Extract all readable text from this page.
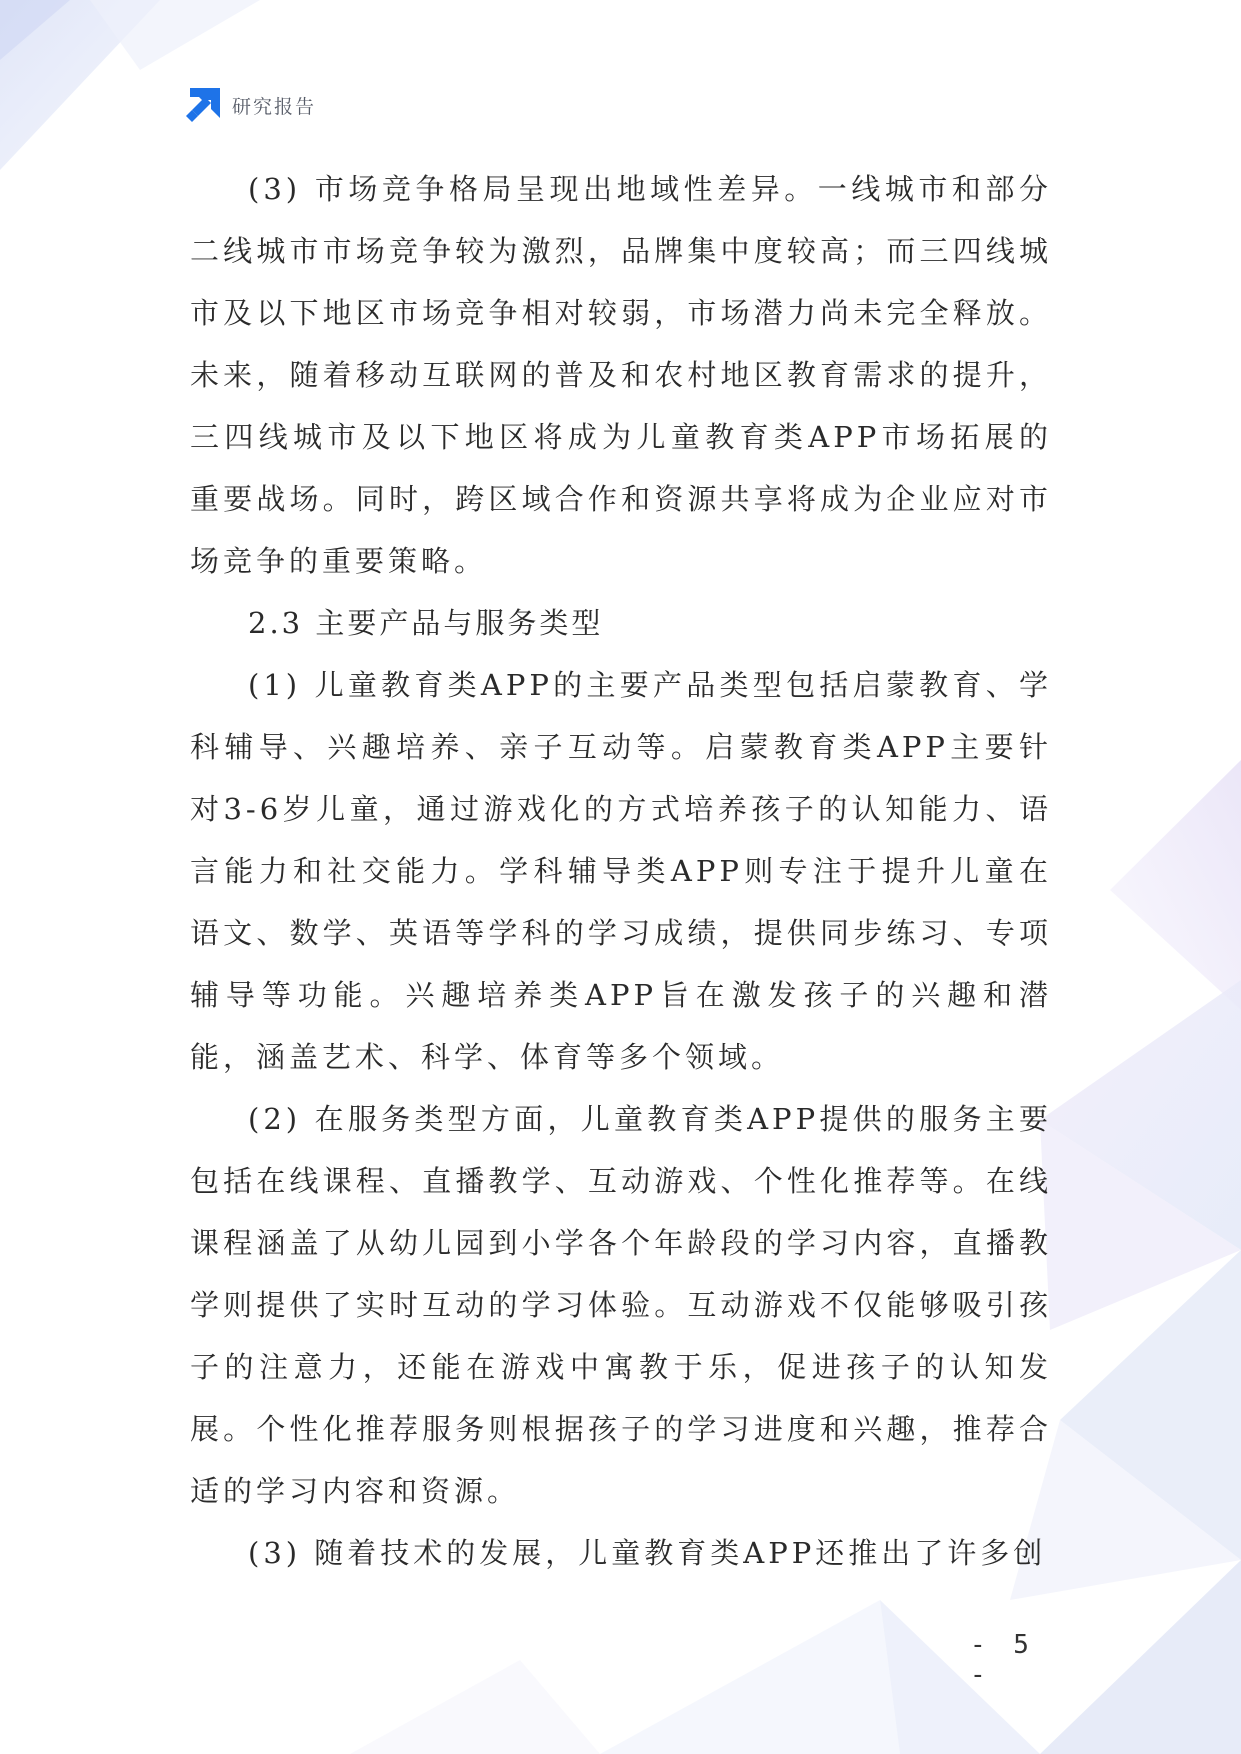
研究报告

(3) 市场竞争格局呈现出地域性差异。一线城市和部分二线城市市场竞争较为激烈，品牌集中度较高；而三四线城市及以下地区市场竞争相对较弱，市场潜力尚未完全释放。未来，随着移动互联网的普及和农村地区教育需求的提升，三四线城市及以下地区将成为儿童教育类APP市场拓展的重要战场。同时，跨区域合作和资源共享将成为企业应对市场竞争的重要策略。

2.3 主要产品与服务类型

(1) 儿童教育类APP的主要产品类型包括启蒙教育、学科辅导、兴趣培养、亲子互动等。启蒙教育类APP主要针对3-6岁儿童，通过游戏化的方式培养孩子的认知能力、语言能力和社交能力。学科辅导类APP则专注于提升儿童在语文、数学、英语等学科的学习成绩，提供同步练习、专项辅导等功能。兴趣培养类APP旨在激发孩子的兴趣和潜能，涵盖艺术、科学、体育等多个领域。

(2) 在服务类型方面，儿童教育类APP提供的服务主要包括在线课程、直播教学、互动游戏、个性化推荐等。在线课程涵盖了从幼儿园到小学各个年龄段的学习内容，直播教学则提供了实时互动的学习体验。互动游戏不仅能够吸引孩子的注意力，还能在游戏中寓教于乐，促进孩子的认知发展。个性化推荐服务则根据孩子的学习进度和兴趣，推荐合适的学习内容和资源。

(3) 随着技术的发展，儿童教育类APP还推出了许多创

- 5 -
